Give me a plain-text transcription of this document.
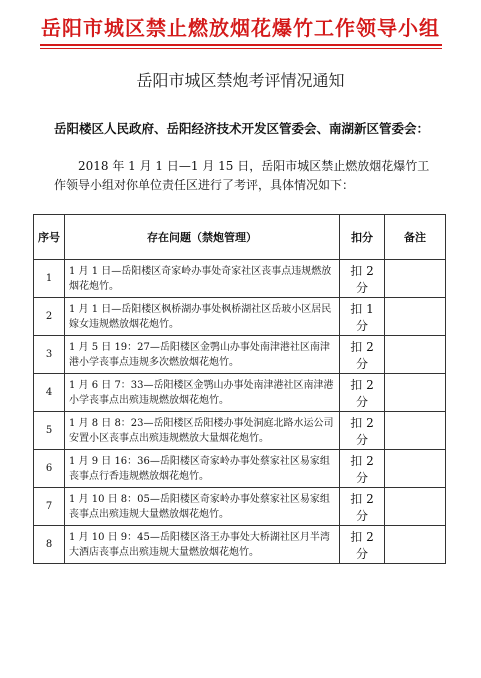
岳阳市城区禁止燃放烟花爆竹工作领导小组
岳阳市城区禁炮考评情况通知
岳阳楼区人民政府、岳阳经济技术开发区管委会、南湖新区管委会：
2018 年 1 月 1 日—1 月 15 日，岳阳市城区禁止燃放烟花爆竹工作领导小组对你单位责任区进行了考评，具体情况如下：
序号	存在问题（禁炮管理）	扣分	备注
1	1 月 1 日—岳阳楼区奇家岭办事处奇家社区丧事点违规燃放烟花炮竹。	扣 2 分	
2	1 月 1 日—岳阳楼区枫桥湖办事处枫桥湖社区岳玻小区居民嫁女违规燃放烟花炮竹。	扣 1 分	
3	1 月 5 日 19：27—岳阳楼区金鹗山办事处南津港社区南津港小学丧事点违规多次燃放烟花炮竹。	扣 2 分	
4	1 月 6 日 7：33—岳阳楼区金鹗山办事处南津港社区南津港小学丧事点出殡违规燃放烟花炮竹。	扣 2 分	
5	1 月 8 日 8：23—岳阳楼区岳阳楼办事处洞庭北路水运公司安置小区丧事点出殡违规燃放大量烟花炮竹。	扣 2 分	
6	1 月 9 日 16：36—岳阳楼区奇家岭办事处蔡家社区易家组丧事点行香违规燃放烟花炮竹。	扣 2 分	
7	1 月 10 日 8：05—岳阳楼区奇家岭办事处蔡家社区易家组丧事点出殡违规大量燃放烟花炮竹。	扣 2 分	
8	1 月 10 日 9：45—岳阳楼区洛王办事处大桥湖社区月半湾大酒店丧事点出殡违规大量燃放烟花炮竹。	扣 2 分	
